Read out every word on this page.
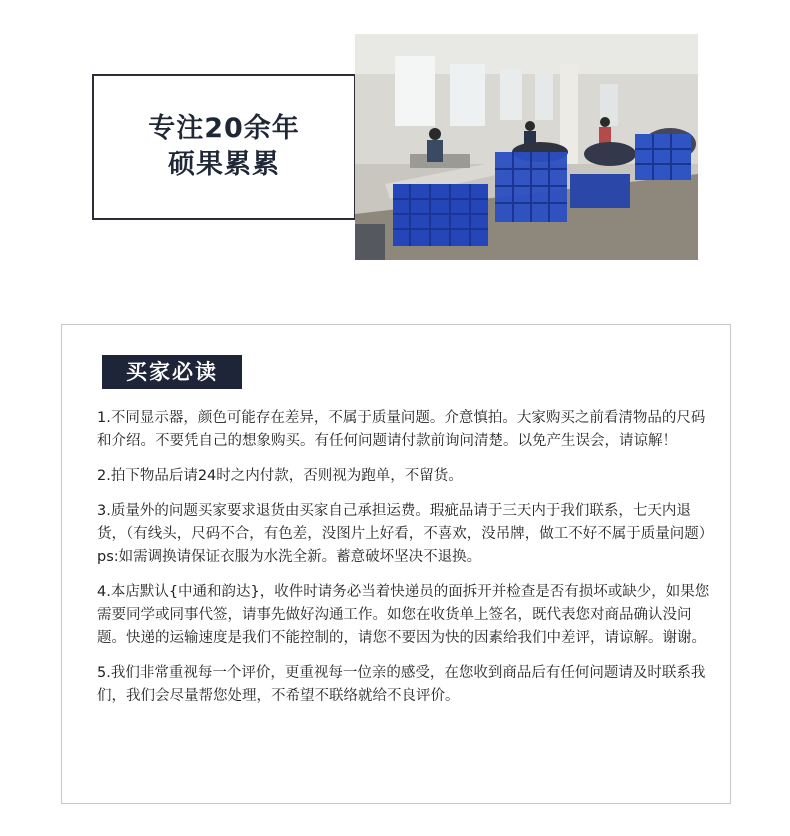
专注20余年
硕果累累
买家必读

1.不同显示器，颜色可能存在差异，不属于质量问题。介意慎拍。大家购买之前看清物品的尺码和介绍。不要凭自己的想象购买。有任何问题请付款前询问清楚。以免产生误会，请谅解！

2.拍下物品后请24时之内付款，否则视为跑单，不留货。

3.质量外的问题买家要求退货由买家自己承担运费。瑕疵品请于三天内于我们联系，七天内退货，（有线头，尺码不合，有色差，没图片上好看，不喜欢，没吊牌，做工不好不属于质量问题）ps:如需调换请保证衣服为水洗全新。蓄意破坏坚决不退换。

4.本店默认{中通和韵达}，收件时请务必当着快递员的面拆开并检查是否有损坏或缺少，如果您需要同学或同事代签，请事先做好沟通工作。如您在收货单上签名，既代表您对商品确认没问题。快递的运输速度是我们不能控制的，请您不要因为快的因素给我们中差评，请谅解。谢谢。

5.我们非常重视每一个评价，更重视每一位亲的感受，在您收到商品后有任何问题请及时联系我们，我们会尽量帮您处理，不希望不联络就给不良评价。
